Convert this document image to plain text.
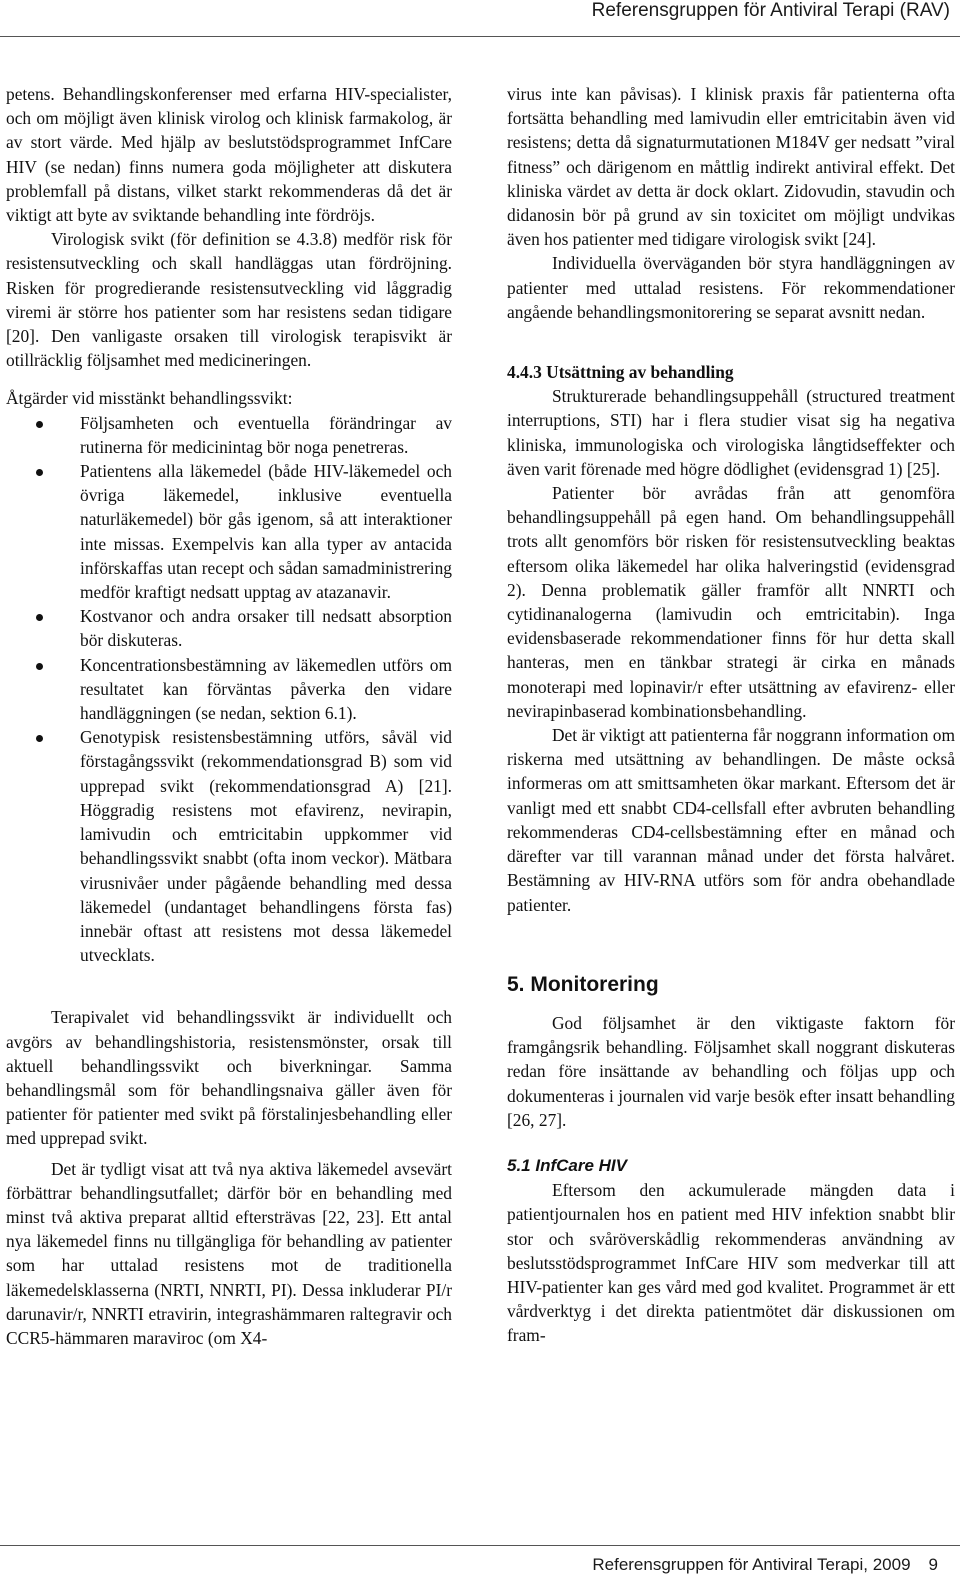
Referensgruppen för Antiviral Terapi (RAV)

petens. Behandlingskonferenser med erfarna HIV-specialister, och om möjligt även klinisk virolog och klinisk farmakolog, är av stort värde. Med hjälp av beslutstödsprogrammet InfCare HIV (se nedan) finns numera goda möjligheter att diskutera problemfall på distans, vilket starkt rekommenderas då det är viktigt att byte av sviktande behandling inte fördröjs.

Virologisk svikt (för definition se 4.3.8) medför risk för resistensutveckling och skall handläggas utan fördröjning. Risken för progredierande resistensutveckling vid låggradig viremi är större hos patienter som har resistens sedan tidigare [20]. Den vanligaste orsaken till virologisk terapisvikt är otillräcklig följsamhet med medicineringen.

Åtgärder vid misstänkt behandlingssvikt:

Följsamheten och eventuella förändringar av rutinerna för medicinintag bör noga penetreras.
Patientens alla läkemedel (både HIV-läkemedel och övriga läkemedel, inklusive eventuella naturläkemedel) bör gås igenom, så att interaktioner inte missas. Exempelvis kan alla typer av antacida införskaffas utan recept och sådan samadministrering medför kraftigt nedsatt upptag av atazanavir.
Kostvanor och andra orsaker till nedsatt absorption bör diskuteras.
Koncentrationsbestämning av läkemedlen utförs om resultatet kan förväntas påverka den vidare handläggningen (se nedan, sektion 6.1).
Genotypisk resistensbestämning utförs, såväl vid förstagångssvikt (rekommendationsgrad B) som vid upprepad svikt (rekommendationsgrad A) [21]. Höggradig resistens mot efavirenz, nevirapin, lamivudin och emtricitabin uppkommer vid behandlingssvikt snabbt (ofta inom veckor). Mätbara virusnivåer under pågående behandling med dessa läkemedel (undantaget behandlingens första fas) innebär oftast att resistens mot dessa läkemedel utvecklats.

Terapivalet vid behandlingssvikt är individuellt och avgörs av behandlingshistoria, resistensmönster, orsak till aktuell behandlingssvikt och biverkningar. Samma behandlingsmål som för behandlingsnaiva gäller även för patienter för patienter med svikt på förstalinjesbehandling eller med upprepad svikt.

Det är tydligt visat att två nya aktiva läkemedel avsevärt förbättrar behandlingsutfallet; därför bör en behandling med minst två aktiva preparat alltid eftersträvas [22, 23]. Ett antal nya läkemedel finns nu tillgängliga för behandling av patienter som har uttalad resistens mot de traditionella läkemedelsklasserna (NRTI, NNRTI, PI). Dessa inkluderar PI/r darunavir/r, NNRTI etravirin, integrashämmaren raltegravir och CCR5-hämmaren maraviroc (om X4-

virus inte kan påvisas). I klinisk praxis får patienterna ofta fortsätta behandling med lamivudin eller emtricitabin även vid resistens; detta då signaturmutationen M184V ger nedsatt ”viral fitness” och därigenom en måttlig indirekt antiviral effekt. Det kliniska värdet av detta är dock oklart. Zidovudin, stavudin och didanosin bör på grund av sin toxicitet om möjligt undvikas även hos patienter med tidigare virologisk svikt [24].

Individuella överväganden bör styra handläggningen av patienter med uttalad resistens. För rekommendationer angående behandlingsmonitorering se separat avsnitt nedan.

4.4.3 Utsättning av behandling

Strukturerade behandlingsuppehåll (structured treatment interruptions, STI) har i flera studier visat sig ha negativa kliniska, immunologiska och virologiska långtidseffekter och även varit förenade med högre dödlighet (evidensgrad 1) [25].

Patienter bör avrådas från att genomföra behandlingsuppehåll på egen hand. Om behandlingsuppehåll trots allt genomförs bör risken för resistensutveckling beaktas eftersom olika läkemedel har olika halveringstid (evidensgrad 2). Denna problematik gäller framför allt NNRTI och cytidinanalogerna (lamivudin och emtricitabin). Inga evidensbaserade rekommendationer finns för hur detta skall hanteras, men en tänkbar strategi är cirka en månads monoterapi med lopinavir/r efter utsättning av efavirenz- eller nevirapinbaserad kombinationsbehandling.

Det är viktigt att patienterna får noggrann information om riskerna med utsättning av behandlingen. De måste också informeras om att smittsamheten ökar markant. Eftersom det är vanligt med ett snabbt CD4-cellsfall efter avbruten behandling rekommenderas CD4-cellsbestämning efter en månad och därefter var till varannan månad under det första halvåret. Bestämning av HIV-RNA utförs som för andra obehandlade patienter.

5. Monitorering

God följsamhet är den viktigaste faktorn för framgångsrik behandling. Följsamhet skall noggrant diskuteras redan före insättande av behandling och följas upp och dokumenteras i journalen vid varje besök efter insatt behandling [26, 27].

5.1 InfCare HIV

Eftersom den ackumulerade mängden data i patientjournalen hos en patient med HIV infektion snabbt blir stor och svåröverskådlig rekommenderas användning av beslutsstödsprogrammet InfCare HIV som medverkar till att HIV-patienter kan ges vård med god kvalitet. Programmet är ett vårdverktyg i det direkta patientmötet där diskussionen om fram-

Referensgruppen för Antiviral Terapi, 2009 9
